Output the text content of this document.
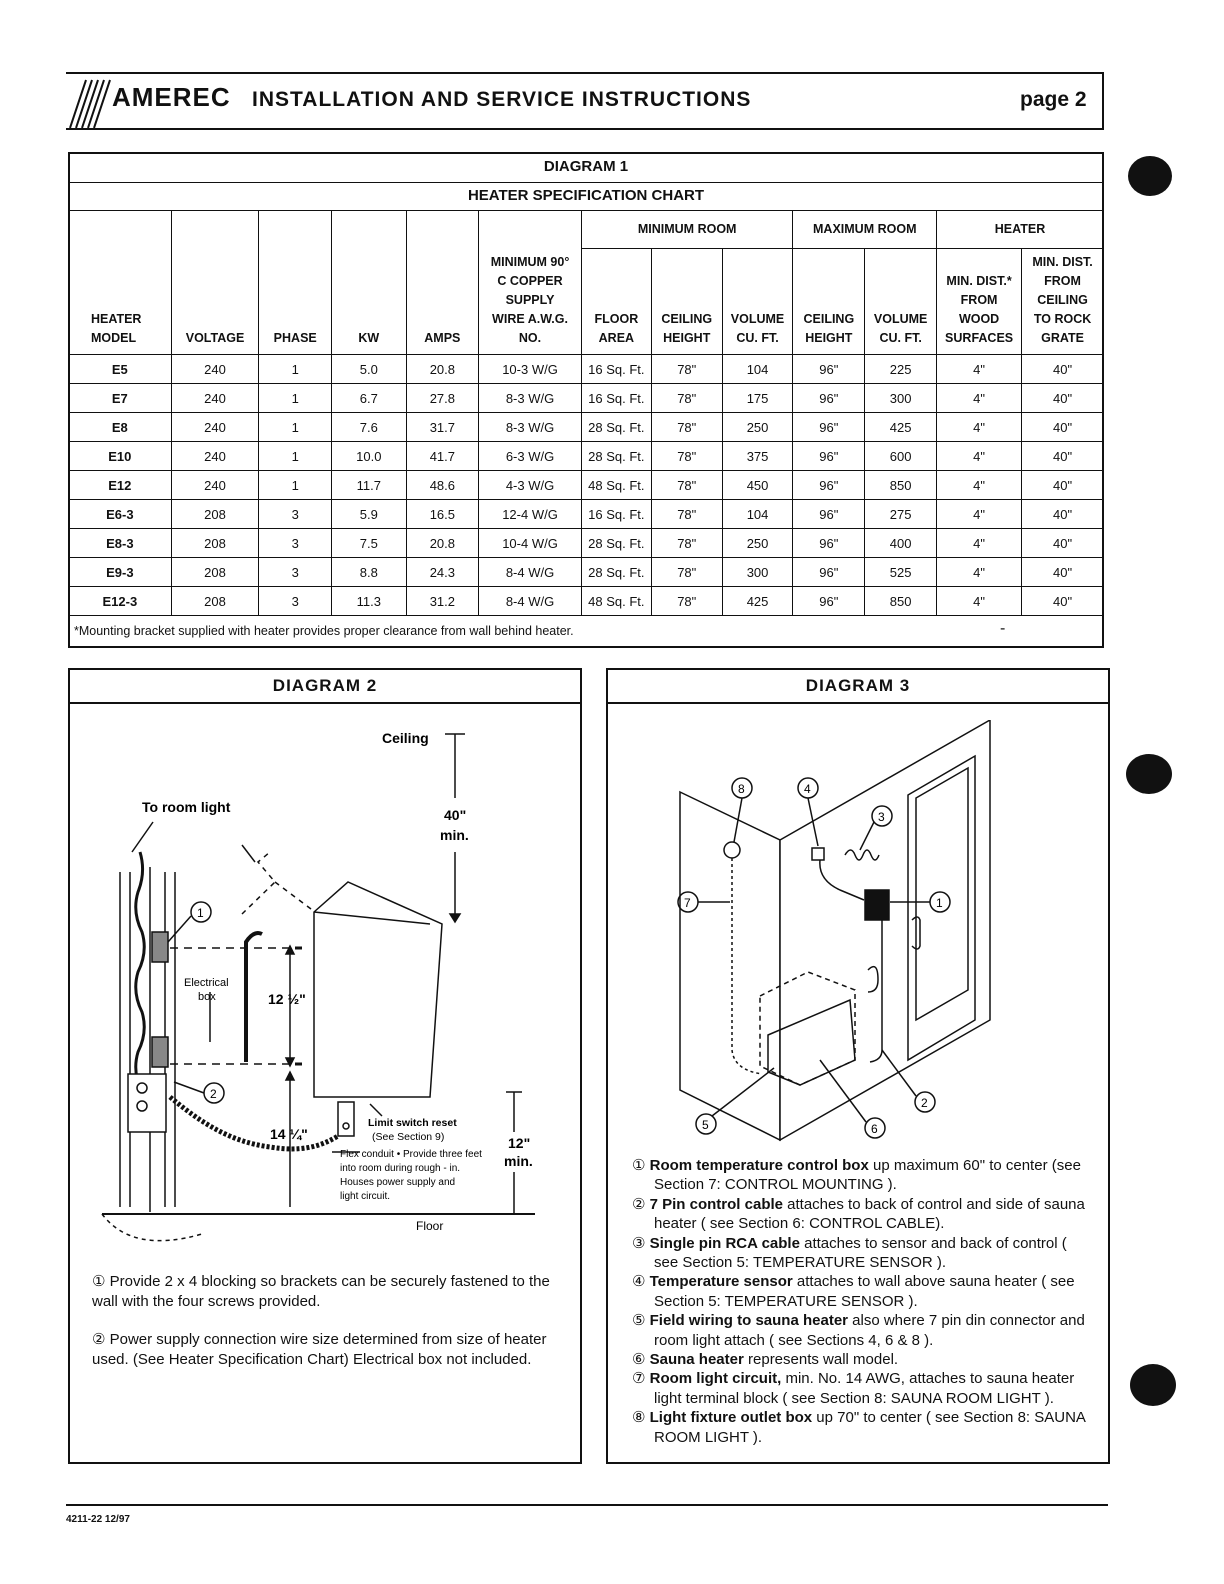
AMEREC INSTALLATION AND SERVICE INSTRUCTIONS	page 2
DIAGRAM 1
HEATER SPECIFICATION CHART
HEATER MODEL	VOLTAGE	PHASE	KW	AMPS	MINIMUM 90° C COPPER SUPPLY WIRE A.W.G. NO.	MINIMUM ROOM			MAXIMUM ROOM		HEATER	
						FLOOR AREA	CEILING HEIGHT	VOLUME CU. FT.	CEILING HEIGHT	VOLUME CU. FT.	MIN. DIST.* FROM WOOD SURFACES	MIN. DIST. FROM CEILING TO ROCK GRATE
E5	240	1	5.0	20.8	10-3 W/G	16 Sq. Ft.	78"	104	96"	225	4"	40"
E7	240	1	6.7	27.8	8-3 W/G	16 Sq. Ft.	78"	175	96"	300	4"	40"
E8	240	1	7.6	31.7	8-3 W/G	28 Sq. Ft.	78"	250	96"	425	4"	40"
E10	240	1	10.0	41.7	6-3 W/G	28 Sq. Ft.	78"	375	96"	600	4"	40"
E12	240	1	11.7	48.6	4-3 W/G	48 Sq. Ft.	78"	450	96"	850	4"	40"
E6-3	208	3	5.9	16.5	12-4 W/G	16 Sq. Ft.	78"	104	96"	275	4"	40"
E8-3	208	3	7.5	20.8	10-4 W/G	28 Sq. Ft.	78"	250	96"	400	4"	40"
E9-3	208	3	8.8	24.3	8-4 W/G	28 Sq. Ft.	78"	300	96"	525	4"	40"
E12-3	208	3	11.3	31.2	8-4 W/G	48 Sq. Ft.	78"	425	96"	850	4"	40"
*Mounting bracket supplied with heater provides proper clearance from wall behind heater.	-
DIAGRAM 2
Ceiling
To room light	40"
min.
Electrical
box	12 ½"
14 ¼"
Limit switch reset
(See Section 9)
Flex conduit • Provide three feet
into room during rough - in.
Houses power supply and
light circuit.
12"
min.
Floor
1
2
① Provide 2 x 4 blocking so brackets can be securely fastened to the wall with the four screws provided.
② Power supply connection wire size determined from size of heater used. (See Heater Specification Chart) Electrical box not included.
DIAGRAM 3
8	4
3
1
7
2
5	6
① Room temperature control box up maximum 60" to center (see Section 7: CONTROL MOUNTING ).
② 7 Pin control cable attaches to back of control and side of sauna heater ( see Section 6: CONTROL CABLE).
③ Single pin RCA cable attaches to sensor and back of control ( see Section 5: TEMPERATURE SENSOR ).
④ Temperature sensor attaches to wall above sauna heater ( see Section 5: TEMPERATURE SENSOR ).
⑤ Field wiring to sauna heater also where 7 pin din connector and room light attach ( see Sections 4, 6 & 8 ).
⑥ Sauna heater represents wall model.
⑦ Room light circuit, min. No. 14 AWG, attaches to sauna heater light terminal block ( see Section 8: SAUNA ROOM LIGHT ).
⑧ Light fixture outlet box up 70" to center ( see Section 8: SAUNA ROOM LIGHT ).
4211-22 12/97
